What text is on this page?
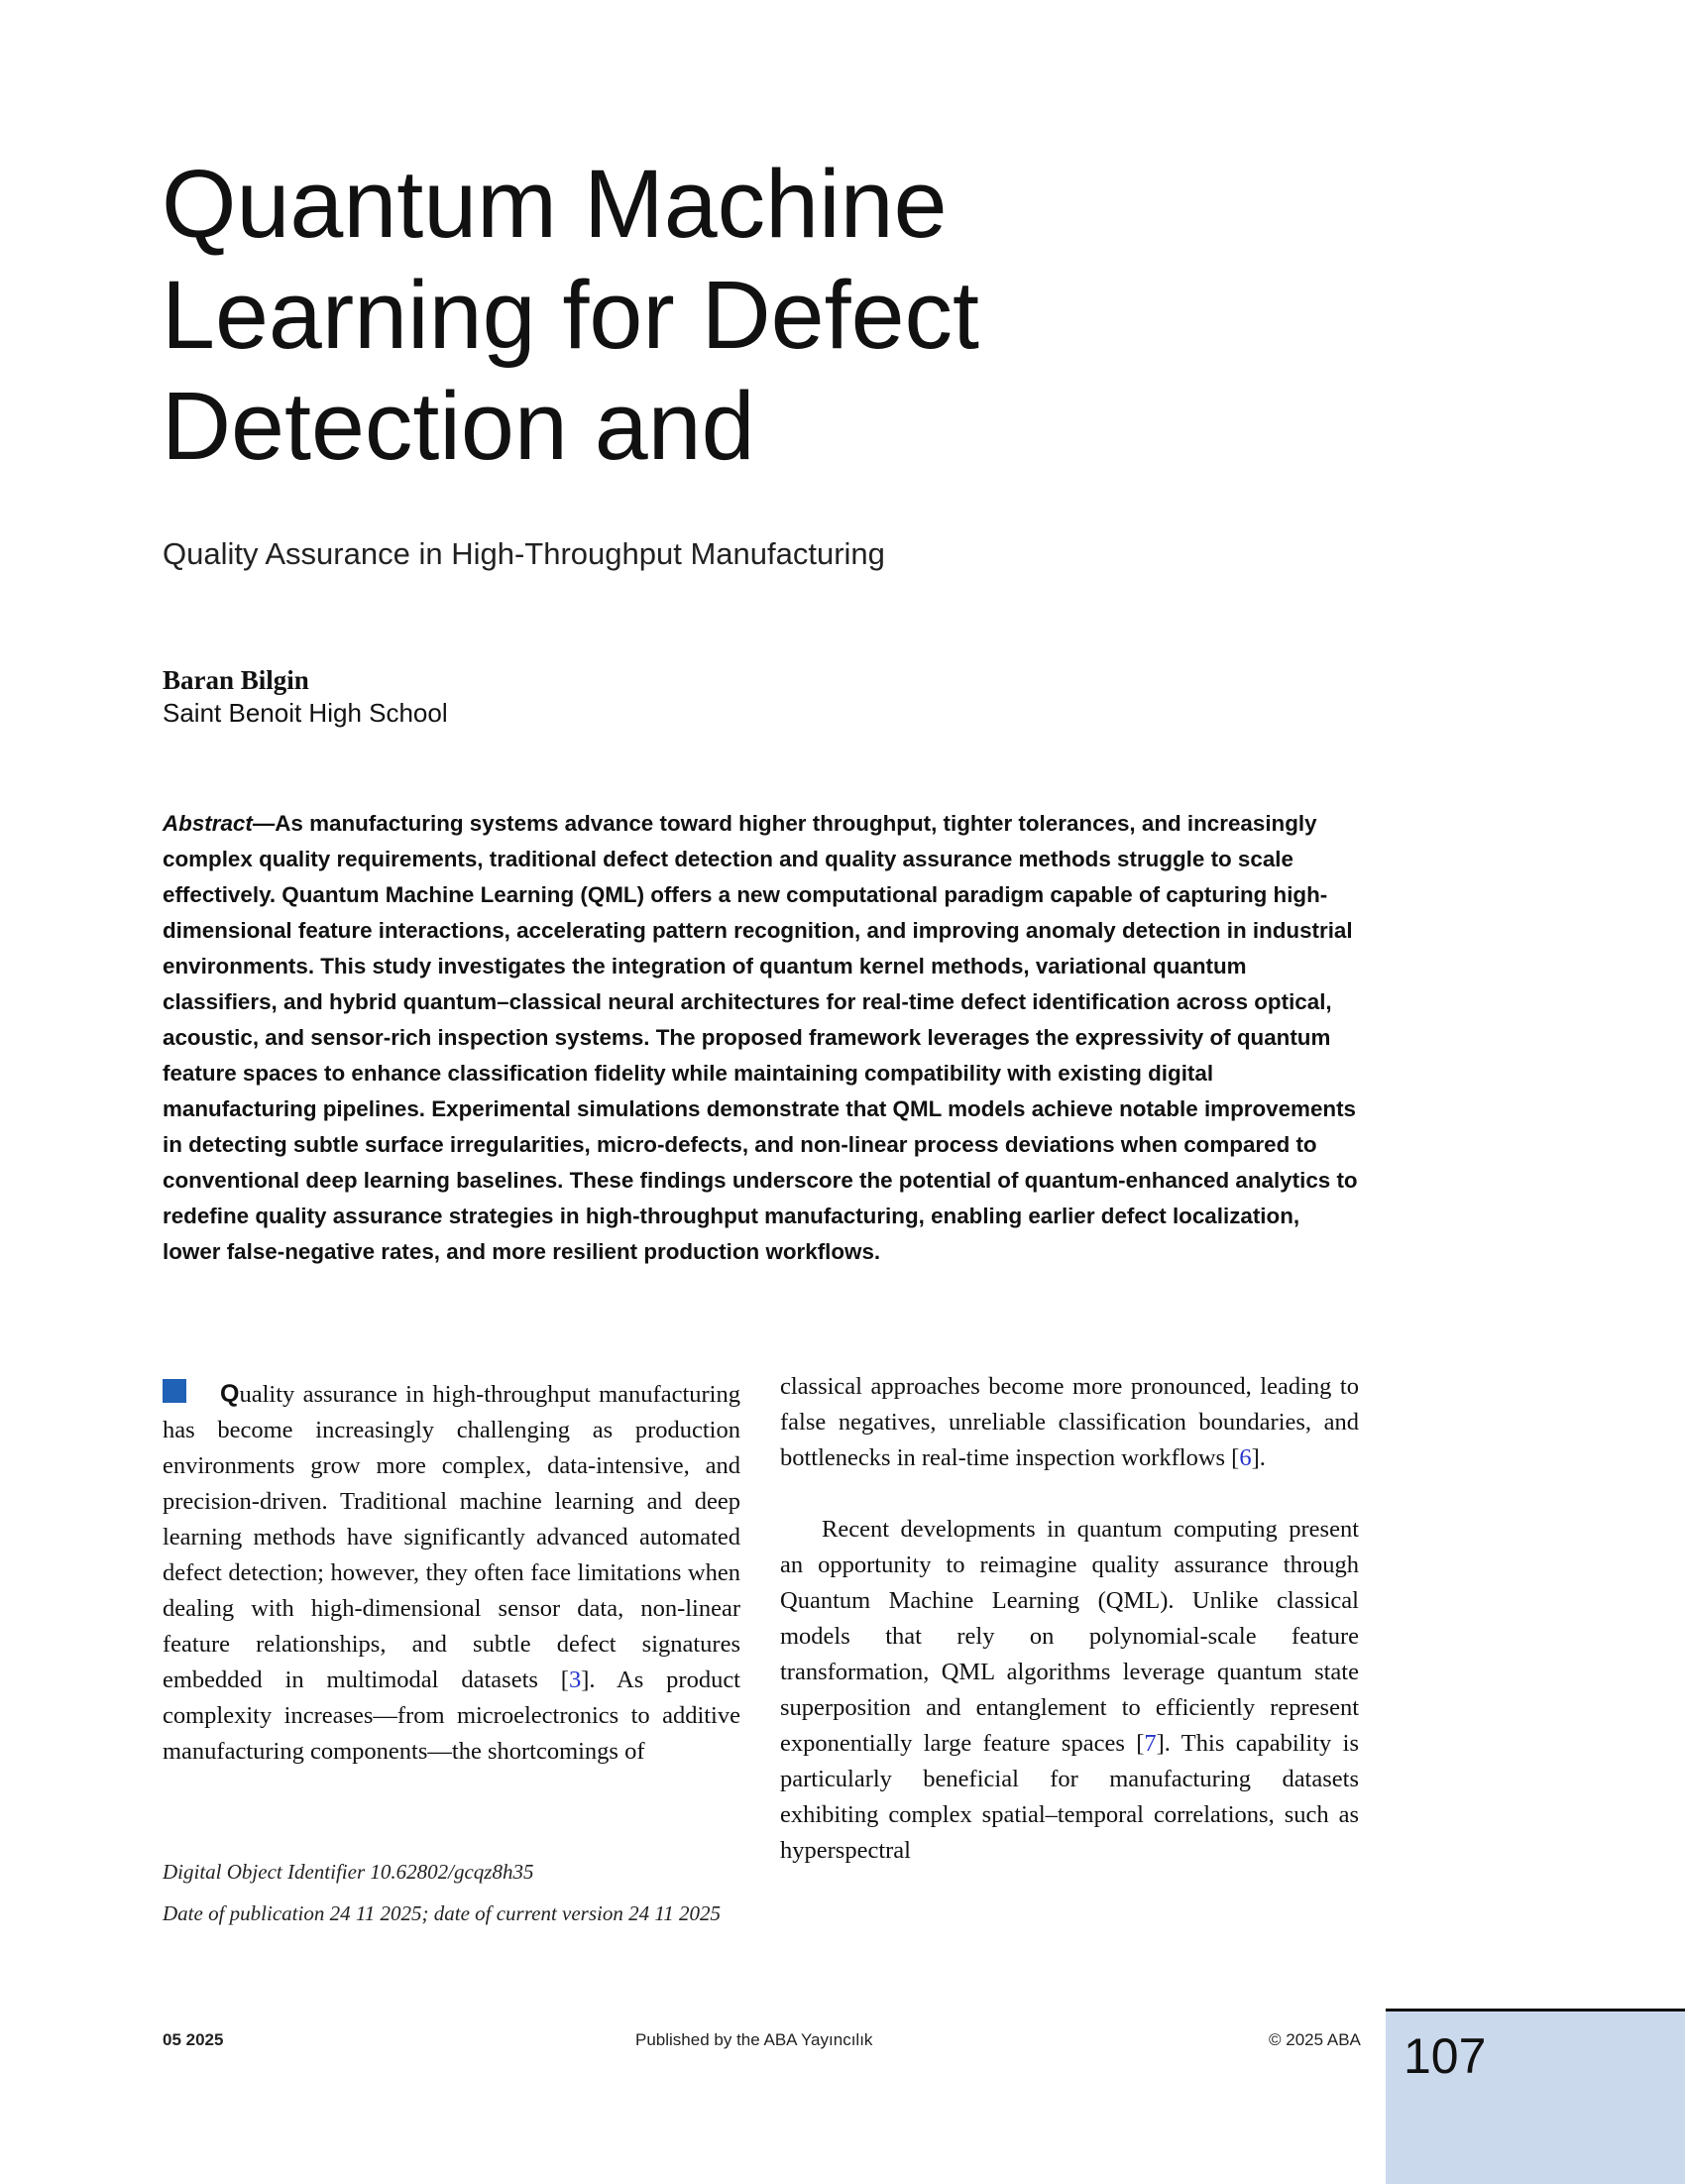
Quantum Machine
Learning for Defect
Detection and
Quality Assurance in High-Throughput Manufacturing
Baran Bilgin
Saint Benoit High School

Abstract—As manufacturing systems advance toward higher throughput, tighter tolerances, and increasingly complex quality requirements, traditional defect detection and quality assurance methods struggle to scale effectively. Quantum Machine Learning (QML) offers a new computational paradigm capable of capturing high-dimensional feature interactions, accelerating pattern recognition, and improving anomaly detection in industrial environments. This study investigates the integration of quantum kernel methods, variational quantum classifiers, and hybrid quantum–classical neural architectures for real-time defect identification across optical, acoustic, and sensor-rich inspection systems. The proposed framework leverages the expressivity of quantum feature spaces to enhance classification fidelity while maintaining compatibility with existing digital manufacturing pipelines. Experimental simulations demonstrate that QML models achieve notable improvements in detecting subtle surface irregularities, micro-defects, and non-linear process deviations when compared to conventional deep learning baselines. These findings underscore the potential of quantum-enhanced analytics to redefine quality assurance strategies in high-throughput manufacturing, enabling earlier defect localization, lower false-negative rates, and more resilient production workflows.

Quality assurance in high-throughput manufacturing has become increasingly challenging as production environments grow more complex, data-intensive, and precision-driven. Traditional machine learning and deep learning methods have significantly advanced automated defect detection; however, they often face limitations when dealing with high-dimensional sensor data, non-linear feature relationships, and subtle defect signatures embedded in multimodal datasets [3]. As product complexity increases—from microelectronics to additive manufacturing components—the shortcomings of

Digital Object Identifier 10.62802/gcqz8h35

Date of publication 24 11 2025; date of current version 24 11 2025

classical approaches become more pronounced, leading to false negatives, unreliable classification boundaries, and bottlenecks in real-time inspection workflows [6].

Recent developments in quantum computing present an opportunity to reimagine quality assurance through Quantum Machine Learning (QML). Unlike classical models that rely on polynomial-scale feature transformation, QML algorithms leverage quantum state superposition and entanglement to efficiently represent exponentially large feature spaces [7]. This capability is particularly beneficial for manufacturing datasets exhibiting complex spatial–temporal correlations, such as hyperspectral

05 2025	Published by the ABA Yayıncılık	© 2025 ABA 107
